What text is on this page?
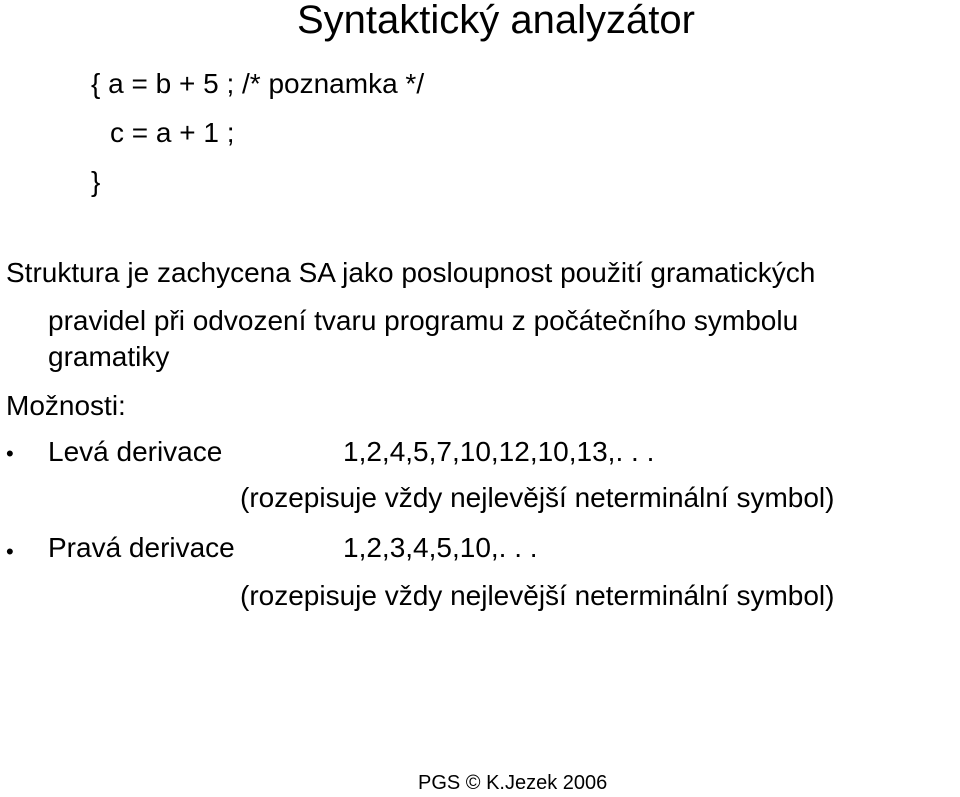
Syntaktický analyzátor
{ a = b + 5 ; /* poznamka */
c = a + 1 ;
}
Struktura je zachycena SA jako posloupnost použití gramatických
pravidel při odvození tvaru programu z počátečního symbolu
gramatiky
Možnosti:
• Levá derivace	1,2,4,5,7,10,12,10,13,. . .
(rozepisuje vždy nejlevější neterminální symbol)
• Pravá derivace	1,2,3,4,5,10,. . .
(rozepisuje vždy nejlevější neterminální symbol)
PGS © K.Jezek 2006
